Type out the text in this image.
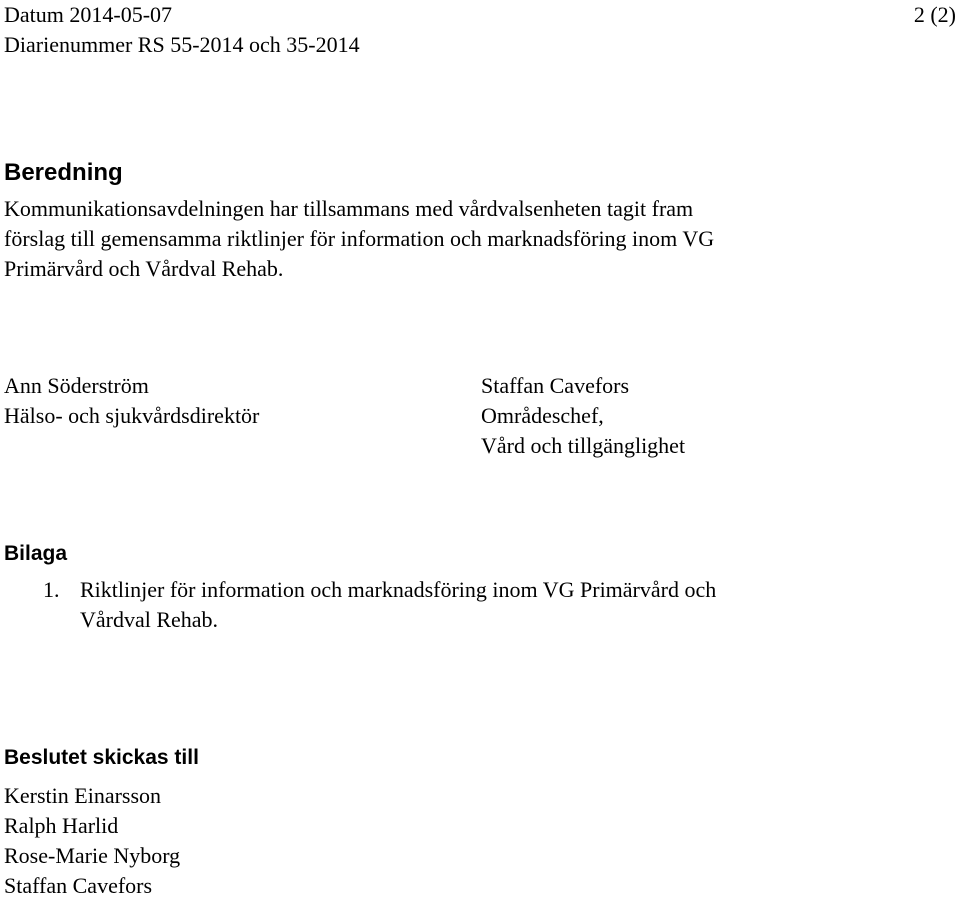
Datum 2014-05-07
Diarienummer RS 55-2014 och 35-2014
2 (2)
Beredning
Kommunikationsavdelningen har tillsammans med vårdvalsenheten tagit fram
förslag till gemensamma riktlinjer för information och marknadsföring inom VG
Primärvård och Vårdval Rehab.
Ann Söderström
Hälso- och sjukvårdsdirektör
Staffan Cavefors
Områdeschef,
Vård och tillgänglighet
Bilaga
1. Riktlinjer för information och marknadsföring inom VG Primärvård och
Vårdval Rehab.
Beslutet skickas till
Kerstin Einarsson
Ralph Harlid
Rose-Marie Nyborg
Staffan Cavefors
